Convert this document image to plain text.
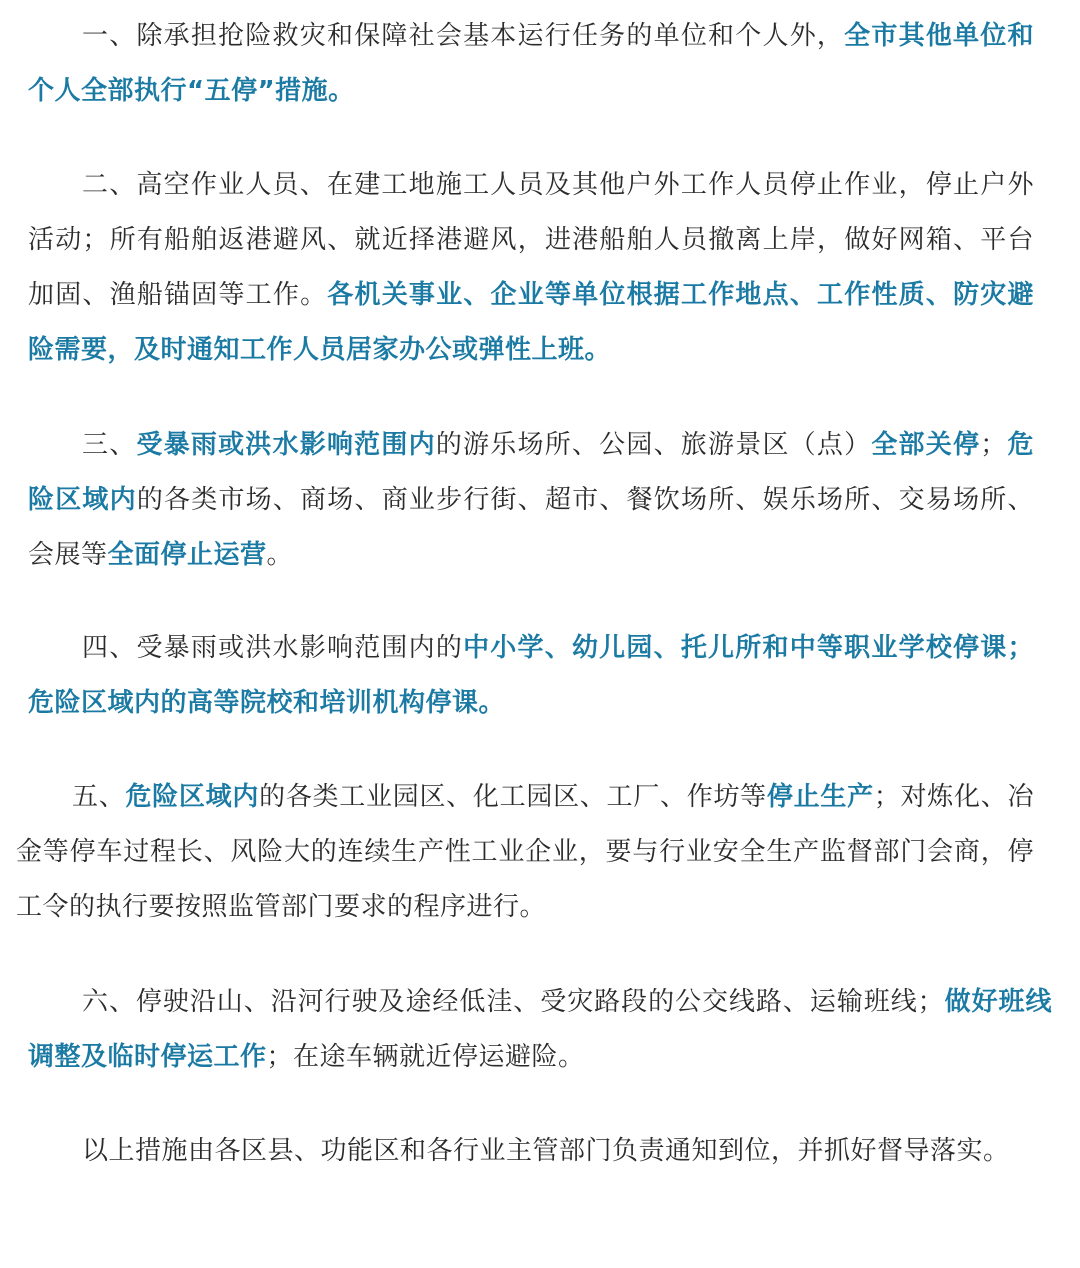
一、除承担抢险救灾和保障社会基本运行任务的单位和个人外，全市其他单位和个人全部执行“五停”措施。

二、高空作业人员、在建工地施工人员及其他户外工作人员停止作业，停止户外活动；所有船舶返港避风、就近择港避风，进港船舶人员撤离上岸，做好网箱、平台加固、渔船锚固等工作。各机关事业、企业等单位根据工作地点、工作性质、防灾避险需要，及时通知工作人员居家办公或弹性上班。

三、受暴雨或洪水影响范围内的游乐场所、公园、旅游景区（点）全部关停；危险区域内的各类市场、商场、商业步行街、超市、餐饮场所、娱乐场所、交易场所、会展等全面停止运营。

四、受暴雨或洪水影响范围内的中小学、幼儿园、托儿所和中等职业学校停课；危险区域内的高等院校和培训机构停课。

五、危险区域内的各类工业园区、化工园区、工厂、作坊等停止生产；对炼化、冶金等停车过程长、风险大的连续生产性工业企业，要与行业安全生产监督部门会商，停工令的执行要按照监管部门要求的程序进行。

六、停驶沿山、沿河行驶及途经低洼、受灾路段的公交线路、运输班线；做好班线调整及临时停运工作；在途车辆就近停运避险。

以上措施由各区县、功能区和各行业主管部门负责通知到位，并抓好督导落实。
